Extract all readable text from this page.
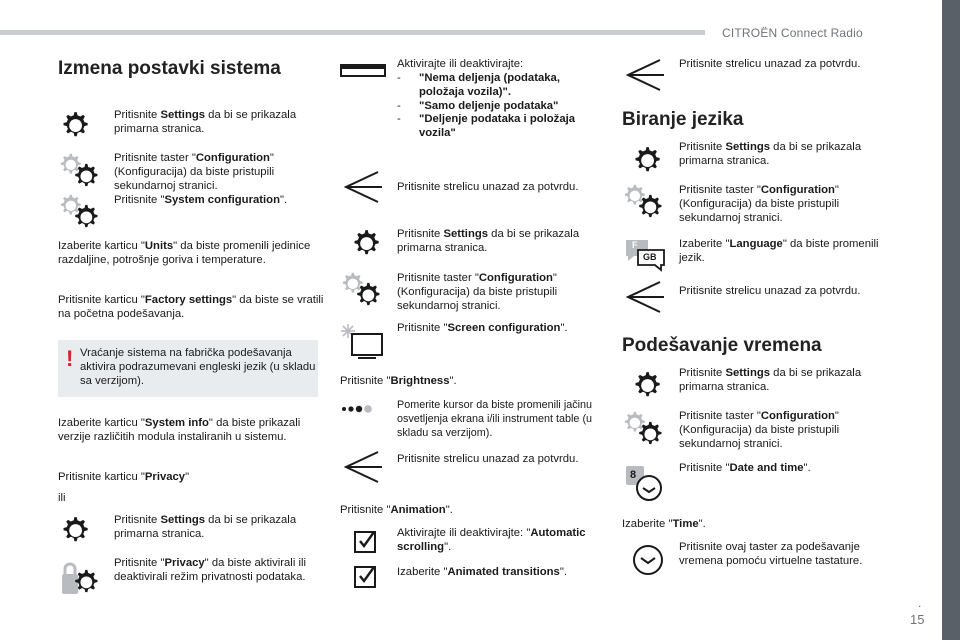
CITROËN Connect Radio
.
15
Izmena postavki sistema
Pritisnite Settings da bi se prikazala primarna stranica.
Pritisnite taster "Configuration" (Konfiguracija) da biste pristupili sekundarnoj stranici.
Pritisnite "System configuration".
Izaberite karticu "Units" da biste promenili jedinice razdaljine, potrošnje goriva i temperature.
Pritisnite karticu "Factory settings" da biste se vratili na početna podešavanja.
! Vraćanje sistema na fabrička podešavanja aktivira podrazumevani engleski jezik (u skladu sa verzijom).
Izaberite karticu "System info" da biste prikazali verzije različitih modula instaliranih u sistemu.
Pritisnite karticu "Privacy"
ili
Pritisnite Settings da bi se prikazala primarna stranica.
Pritisnite "Privacy" da biste aktivirali ili deaktivirali režim privatnosti podataka.
Aktivirajte ili deaktivirajte:
-	"Nema deljenja (podataka, položaja vozila)".
-	"Samo deljenje podataka"
-	"Deljenje podataka i položaja vozila"
Pritisnite strelicu unazad za potvrdu.
Pritisnite Settings da bi se prikazala primarna stranica.
Pritisnite taster "Configuration" (Konfiguracija) da biste pristupili sekundarnoj stranici.
Pritisnite "Screen configuration".
Pritisnite "Brightness".
Pomerite kursor da biste promenili jačinu osvetljenja ekrana i/ili instrument table (u skladu sa verzijom).
Pritisnite strelicu unazad za potvrdu.
Pritisnite "Animation".
Aktivirajte ili deaktivirajte: "Automatic scrolling".
Izaberite "Animated transitions".
Pritisnite strelicu unazad za potvrdu.
Biranje jezika
Pritisnite Settings da bi se prikazala primarna stranica.
Pritisnite taster "Configuration" (Konfiguracija) da biste pristupili sekundarnoj stranici.
F
GB
Izaberite "Language" da biste promenili jezik.
Pritisnite strelicu unazad za potvrdu.
Podešavanje vremena
Pritisnite Settings da bi se prikazala primarna stranica.
Pritisnite taster "Configuration" (Konfiguracija) da biste pristupili sekundarnoj stranici.
8
Pritisnite "Date and time".
Izaberite "Time".
Pritisnite ovaj taster za podešavanje vremena pomoću virtuelne tastature.
